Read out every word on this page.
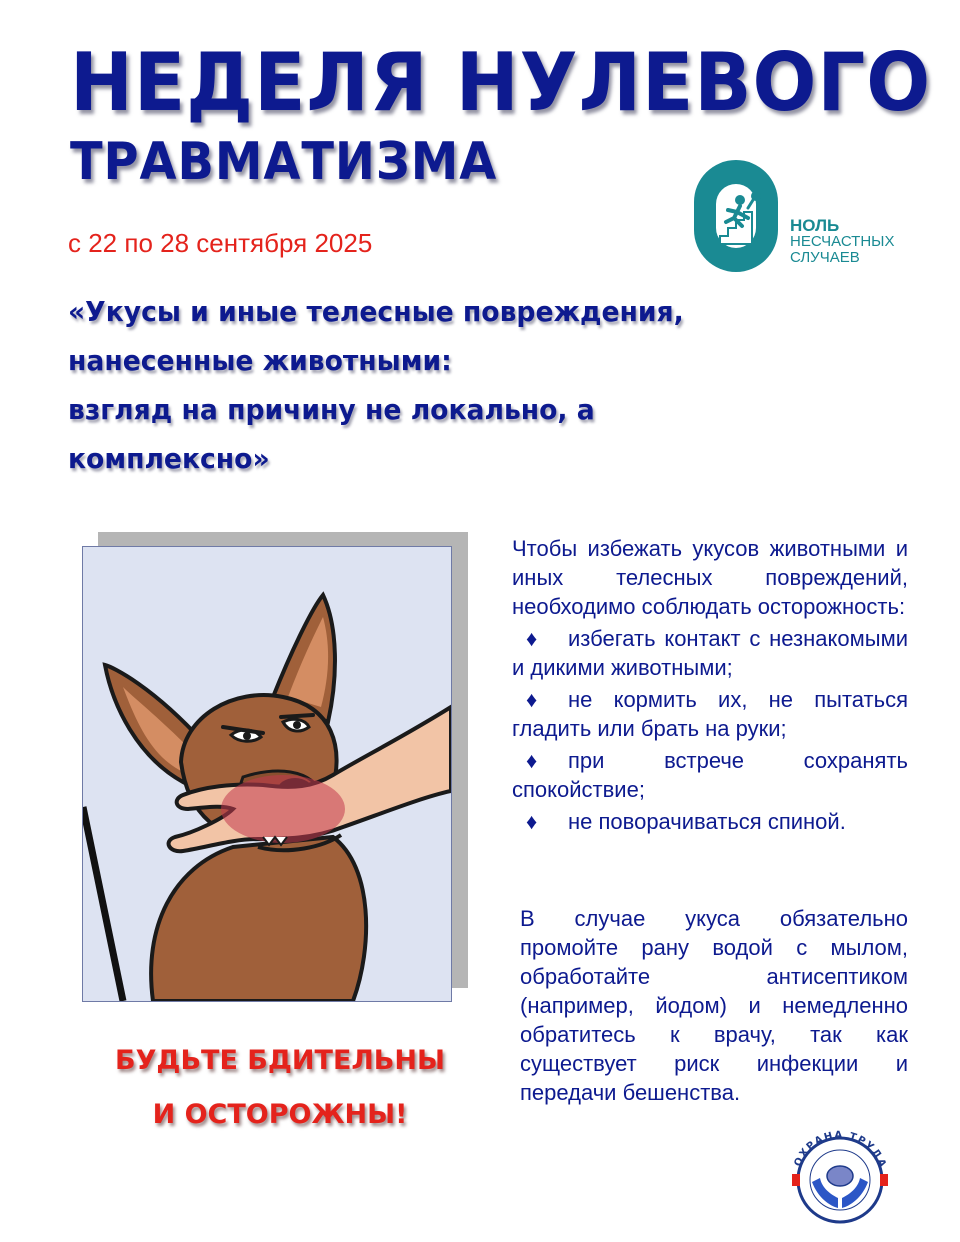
НЕДЕЛЯ НУЛЕВОГО
ТРАВМАТИЗМА
с 22 по 28 сентября 2025
«Укусы и иные телесные повреждения,
нанесенные животными:
взгляд на причину не локально, а
комплексно»
НОЛЬ
НЕСЧАСТНЫХ
СЛУЧАЕВ
БУДЬТЕ БДИТЕЛЬНЫ
И ОСТОРОЖНЫ!

Чтобы избежать укусов животными и иных телесных повреждений, необходимо соблюдать осторожность:

♦ избегать контакт с незнакомыми и дикими животными;

♦ не кормить их, не пытаться гладить или брать на руки;

♦ при встрече сохранять спокойствие;

♦ не поворачиваться спиной.

В случае укуса обязательно промойте рану водой с мылом, обработайте антисептиком (например, йодом) и немедленно обратитесь к врачу, так как существует риск инфекции и передачи бешенства.
ОХРАНА ТРУДА
